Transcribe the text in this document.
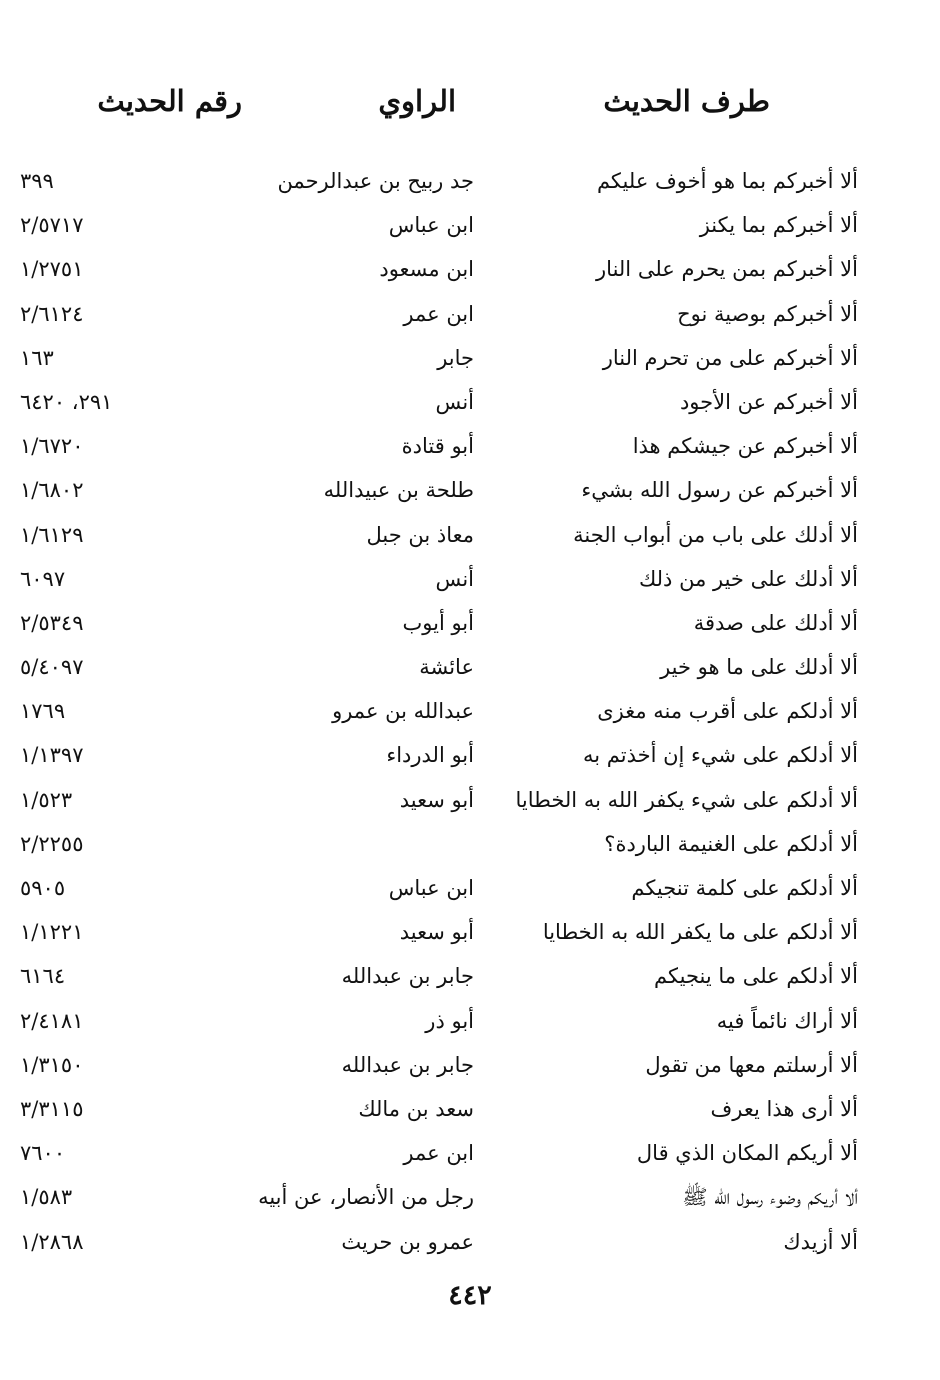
طرف الحديث
الراوي
رقم الحديث
ألا أخبركم بما هو أخوف عليكم
جد ربيح بن عبدالرحمن
٣٩٩
ألا أخبركم بما يكنز
ابن عباس
٢/٥٧١٧
ألا أخبركم بمن يحرم على النار
ابن مسعود
١/٢٧٥١
ألا أخبركم بوصية نوح
ابن عمر
٢/٦١٢٤
ألا أخبركم على من تحرم النار
جابر
١٦٣
ألا أخبركم عن الأجود
أنس
٢٩١، ٦٤٢٠
ألا أخبركم عن جيشكم هذا
أبو قتادة
١/٦٧٢٠
ألا أخبركم عن رسول الله بشيء
طلحة بن عبيدالله
١/٦٨٠٢
ألا أدلك على باب من أبواب الجنة
معاذ بن جبل
١/٦١٢٩
ألا أدلك على خير من ذلك
أنس
٦٠٩٧
ألا أدلك على صدقة
أبو أيوب
٢/٥٣٤٩
ألا أدلك على ما هو خير
عائشة
٥/٤٠٩٧
ألا أدلكم على أقرب منه مغزى
عبدالله بن عمرو
١٧٦٩
ألا أدلكم على شيء إن أخذتم به
أبو الدرداء
١/١٣٩٧
ألا أدلكم على شيء يكفر الله به الخطايا
أبو سعيد
١/٥٢٣
ألا أدلكم على الغنيمة الباردة؟
٢/٢٢٥٥
ألا أدلكم على كلمة تنجيكم
ابن عباس
٥٩٠٥
ألا أدلكم على ما يكفر الله به الخطايا
أبو سعيد
١/١٢٢١
ألا أدلكم على ما ينجيكم
جابر بن عبدالله
٦١٦٤
ألا أراك نائماً فيه
أبو ذر
٢/٤١٨١
ألا أرسلتم معها من تقول
جابر بن عبدالله
١/٣١٥٠
ألا أرى هذا يعرف
سعد بن مالك
٣/٣١١٥
ألا أريكم المكان الذي قال
ابن عمر
٧٦٠٠
ألا أريكم وضوء رسول الله ﷺ
رجل من الأنصار، عن أبيه
١/٥٨٣
ألا أزيدك
عمرو بن حريث
١/٢٨٦٨
٤٤٢
